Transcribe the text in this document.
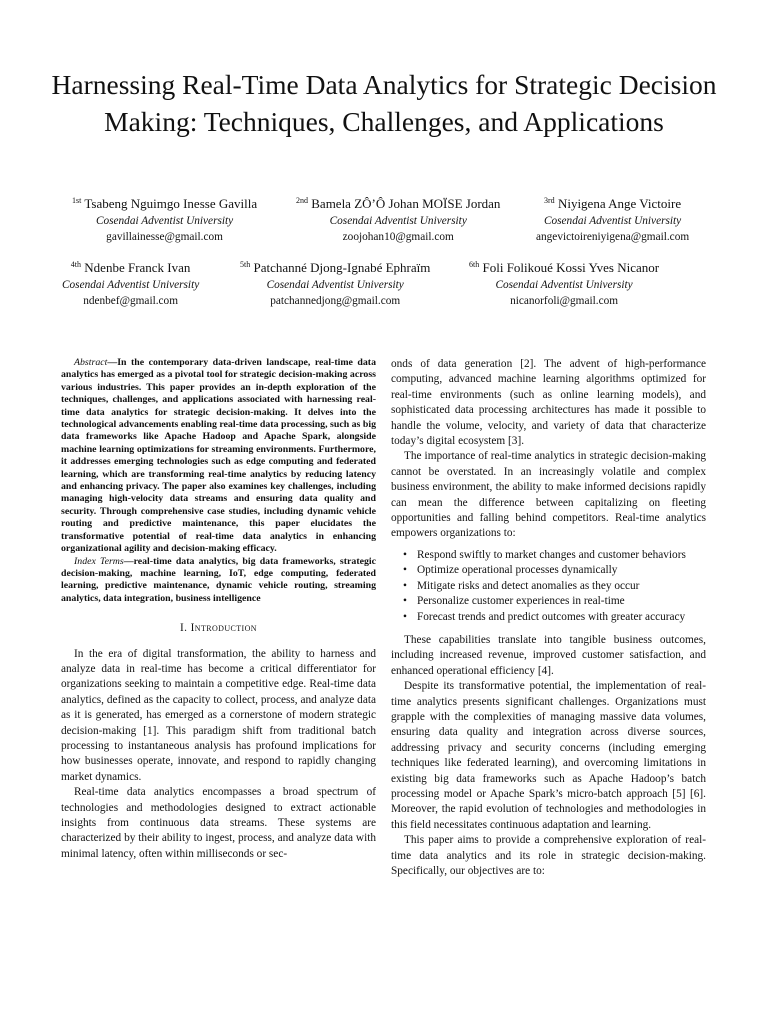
Harnessing Real-Time Data Analytics for Strategic Decision Making: Techniques, Challenges, and Applications
$^{1st}$ Tsabeng Nguimgo Inesse Gavilla
Cosendai Adventist University
gavillainesse@gmail.com
$^{2nd}$ Bamela ZÔ’Ô Johan MOÏSE Jordan
Cosendai Adventist University
zoojohan10@gmail.com
$^{3rd}$ Niyigena Ange Victoire
Cosendai Adventist University
angevictoireniyigena@gmail.com
$^{4th}$ Ndenbe Franck Ivan
Cosendai Adventist University
ndenbef@gmail.com
$^{5th}$ Patchanné Djong-Ignabé Ephraïm
Cosendai Adventist University
patchannedjong@gmail.com
$^{6th}$ Foli Folikoué Kossi Yves Nicanor
Cosendai Adventist University
nicanorfoli@gmail.com

Abstract—In the contemporary data-driven landscape, real-time data analytics has emerged as a pivotal tool for strategic decision-making across various industries. This paper provides an in-depth exploration of the techniques, challenges, and applications associated with harnessing real-time data analytics for strategic decision-making. It delves into the technological advancements enabling real-time data processing, such as big data frameworks like Apache Hadoop and Apache Spark, alongside machine learning optimizations for streaming environments. Furthermore, it addresses emerging technologies such as edge computing and federated learning, which are transforming real-time analytics by reducing latency and enhancing privacy. The paper also examines key challenges, including managing high-velocity data streams and ensuring data quality and security. Through comprehensive case studies, including dynamic vehicle routing and predictive maintenance, this paper elucidates the transformative potential of real-time data analytics in enhancing organizational agility and decision-making efficacy.

Index Terms—real-time data analytics, big data frameworks, strategic decision-making, machine learning, IoT, edge computing, federated learning, predictive maintenance, dynamic vehicle routing, streaming analytics, data integration, business intelligence

I. Introduction

In the era of digital transformation, the ability to harness and analyze data in real-time has become a critical differentiator for organizations seeking to maintain a competitive edge. Real-time data analytics, defined as the capacity to collect, process, and analyze data as it is generated, has emerged as a cornerstone of modern strategic decision-making [1]. This paradigm shift from traditional batch processing to instantaneous analysis has profound implications for how businesses operate, innovate, and respond to rapidly changing market dynamics.

Real-time data analytics encompasses a broad spectrum of technologies and methodologies designed to extract actionable insights from continuous data streams. These systems are characterized by their ability to ingest, process, and analyze data with minimal latency, often within milliseconds or sec-

onds of data generation [2]. The advent of high-performance computing, advanced machine learning algorithms optimized for real-time environments (such as online learning models), and sophisticated data processing architectures has made it possible to handle the volume, velocity, and variety of data that characterize today’s digital ecosystem [3].

The importance of real-time analytics in strategic decision-making cannot be overstated. In an increasingly volatile and complex business environment, the ability to make informed decisions rapidly can mean the difference between capitalizing on fleeting opportunities and falling behind competitors. Real-time analytics empowers organizations to:

• Respond swiftly to market changes and customer behaviors
• Optimize operational processes dynamically
• Mitigate risks and detect anomalies as they occur
• Personalize customer experiences in real-time
• Forecast trends and predict outcomes with greater accuracy

These capabilities translate into tangible business outcomes, including increased revenue, improved customer satisfaction, and enhanced operational efficiency [4].

Despite its transformative potential, the implementation of real-time analytics presents significant challenges. Organizations must grapple with the complexities of managing massive data volumes, ensuring data quality and integration across diverse sources, addressing privacy and security concerns (including emerging techniques like federated learning), and overcoming limitations in existing big data frameworks such as Apache Hadoop’s batch processing model or Apache Spark’s micro-batch approach [5] [6]. Moreover, the rapid evolution of technologies and methodologies in this field necessitates continuous adaptation and learning.

This paper aims to provide a comprehensive exploration of real-time data analytics and its role in strategic decision-making. Specifically, our objectives are to:
